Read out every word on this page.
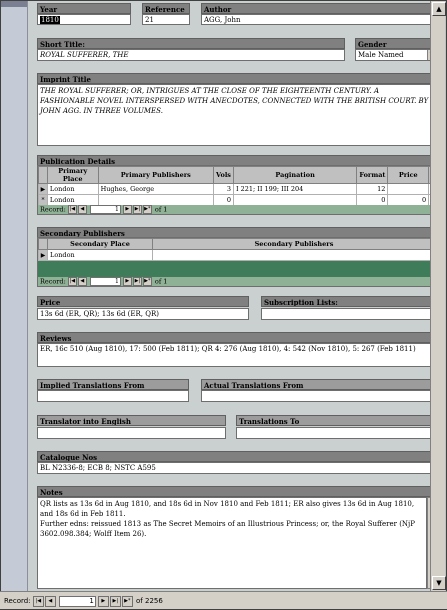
Year
1810
Reference
21
Author
AGG, John
Short Title:
ROYAL SUFFERER, THE
Gender
Male Named
Imprint Title
THE ROYAL SUFFERER; OR, INTRIGUES AT THE CLOSE OF THE EIGHTEENTH CENTURY. A FASHIONABLE NOVEL INTERSPERSED WITH ANECDOTES, CONNECTED WITH THE BRITISH COURT. BY JOHN AGG. IN THREE VOLUMES.
Publication Details
	Primary Place	Primary Publishers	Vols	Pagination	Format	Price	
▶	London	Hughes, George	3	I 221; II 199; III 204	12		
*	London		0		0	0	
Record: |◀ ◀	1 ▶ ▶| ▶* of 1
Secondary Publishers
	Secondary Place	Secondary Publishers
▶	London	
Record: |◀ ◀	1 ▶ ▶| ▶* of 1
Price
13s 6d (ER, QR); 13s 6d (ER, QR)
Subscription Lists:
Reviews
ER, 16c 510 (Aug 1810), 17: 500 (Feb 1811); QR 4: 276 (Aug 1810), 4: 542 (Nov 1810), 5: 267 (Feb 1811)
Implied Translations From	Actual Translations From
Translator into English	Translations To
Catalogue Nos
BL N2336-8; ECB 8; NSTC A595
Notes
QR lists as 13s 6d in Aug 1810, and 18s 6d in Nov 1810 and Feb 1811; ER also gives 13s 6d in Aug 1810, and 18s 6d in Feb 1811.
Further edns: reissued 1813 as The Secret Memoirs of an Illustrious Princess; or, the Royal Sufferer (NjP 3602.098.384; Wolff Item 26).
▲
▼
Record: |◀ ◀	1 ▶ ▶| ▶* of 2256
